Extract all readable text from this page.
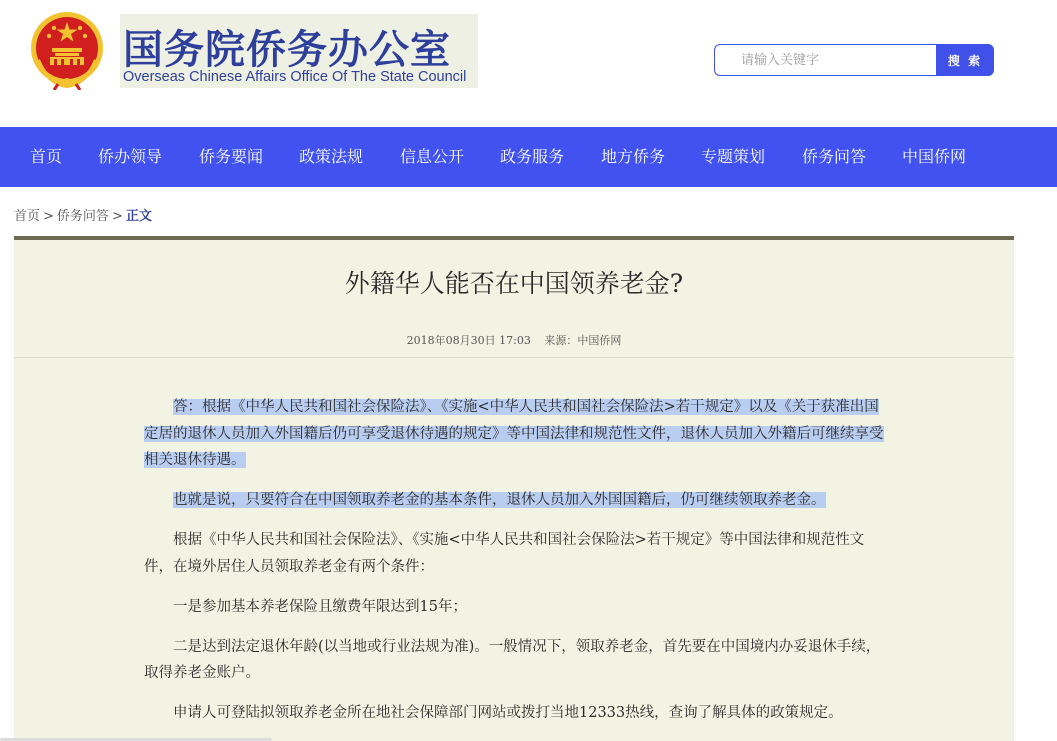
国务院侨务办公室
Overseas Chinese Affairs Office Of The State Council
请输入关键字
搜 索
首页 侨办领导 侨务要闻 政策法规 信息公开 政务服务 地方侨务 专题策划 侨务问答 中国侨网
首页 > 侨务问答 > 正文
外籍华人能否在中国领养老金?
2018年08月30日 17:03 来源：中国侨网

答：根据《中华人民共和国社会保险法》、《实施<中华人民共和国社会保险法>若干规定》以及《关于获准出国定居的退休人员加入外国籍后仍可享受退休待遇的规定》等中国法律和规范性文件，退休人员加入外籍后可继续享受相关退休待遇。

也就是说，只要符合在中国领取养老金的基本条件，退休人员加入外国国籍后，仍可继续领取养老金。

根据《中华人民共和国社会保险法》、《实施<中华人民共和国社会保险法>若干规定》等中国法律和规范性文件，在境外居住人员领取养老金有两个条件：

一是参加基本养老保险且缴费年限达到15年；

二是达到法定退休年龄(以当地或行业法规为准)。一般情况下，领取养老金，首先要在中国境内办妥退休手续，取得养老金账户。

申请人可登陆拟领取养老金所在地社会保障部门网站或拨打当地12333热线，查询了解具体的政策规定。
